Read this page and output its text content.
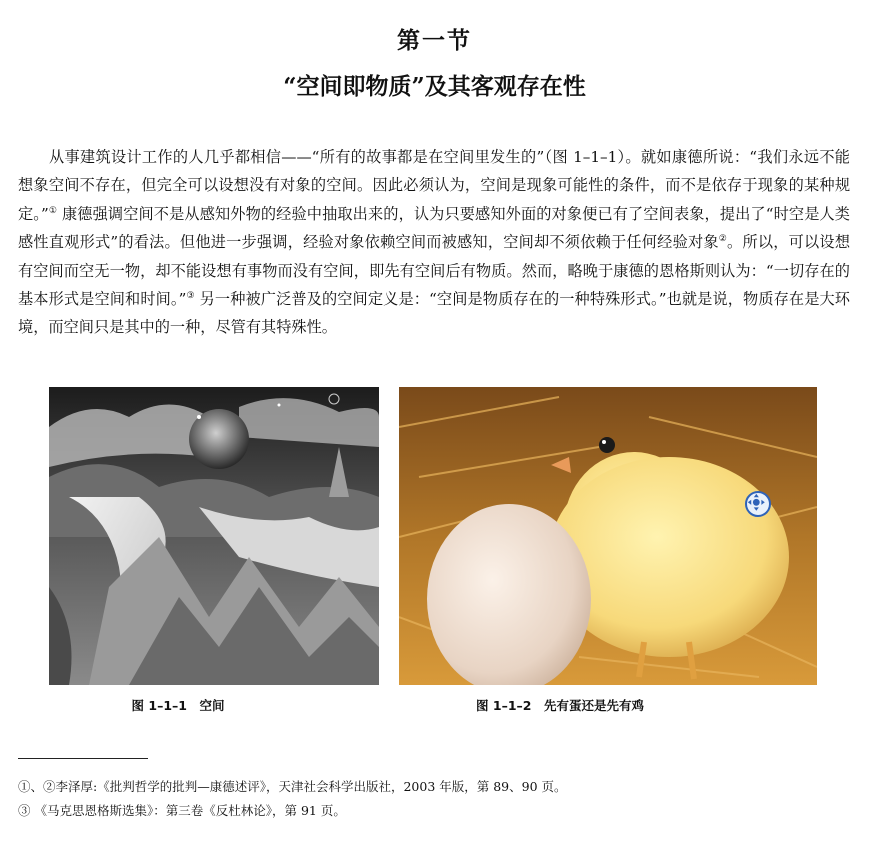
第一节
“空间即物质”及其客观存在性

从事建筑设计工作的人几乎都相信——“所有的故事都是在空间里发生的”（图 1–1–1）。就如康德所说：“我们永远不能想象空间不存在，但完全可以设想没有对象的空间。因此必须认为，空间是现象可能性的条件，而不是依存于现象的某种规定。”① 康德强调空间不是从感知外物的经验中抽取出来的，认为只要感知外面的对象便已有了空间表象，提出了“时空是人类感性直观形式”的看法。但他进一步强调，经验对象依赖空间而被感知，空间却不须依赖于任何经验对象②。所以，可以设想有空间而空无一物，却不能设想有事物而没有空间，即先有空间后有物质。然而，略晚于康德的恩格斯则认为：“一切存在的基本形式是空间和时间。”③ 另一种被广泛普及的空间定义是：“空间是物质存在的一种特殊形式。”也就是说，物质存在是大环境，而空间只是其中的一种，尽管有其特殊性。

图 1–1–1　空间	图 1–1–2　先有蛋还是先有鸡
①、②李泽厚:《批判哲学的批判—康德述评》，天津社会科学出版社，2003 年版，第 89、90 页。
③ 《马克思恩格斯选集》：第三卷《反杜林论》，第 91 页。
